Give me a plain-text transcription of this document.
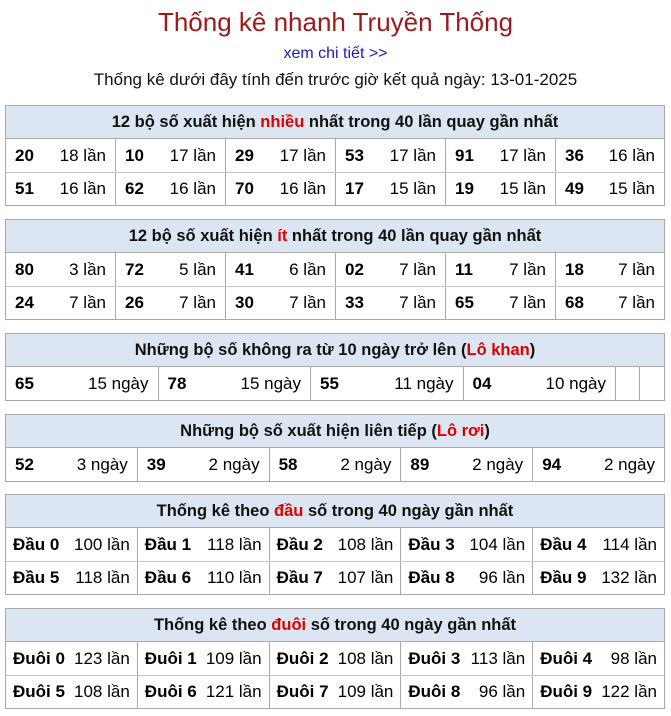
Thống kê nhanh Truyền Thống
xem chi tiết >>
Thống kê dưới đây tính đến trước giờ kết quả ngày: 13-01-2025
12 bộ số xuất hiện nhiều nhất trong 40 lần quay gần nhất
20 18 lần	10 17 lần	29 17 lần	53 17 lần	91 17 lần	36 16 lần
51 16 lần	62 16 lần	70 16 lần	17 15 lần	19 15 lần	49 15 lần
12 bộ số xuất hiện ít nhất trong 40 lần quay gần nhất
80 3 lần	72 5 lần	41 6 lần	02 7 lần	11 7 lần	18 7 lần
24 7 lần	26 7 lần	30 7 lần	33 7 lần	65 7 lần	68 7 lần
Những bộ số không ra từ 10 ngày trở lên (Lô khan)
65	15 ngày	78	15 ngày	55	11 ngày	04	10 ngày
Những bộ số xuất hiện liên tiếp (Lô rơi)
52	3 ngày	39	2 ngày	58	2 ngày	89	2 ngày	94	2 ngày
Thống kê theo đầu số trong 40 ngày gần nhất
Đầu 0 100 lần Đầu 1 118 lần Đầu 2 108 lần Đầu 3 104 lần Đầu 4 114 lần
Đầu 5 118 lần Đầu 6 110 lần Đầu 7 107 lần Đầu 8 96 lần Đầu 9 132 lần
Thống kê theo đuôi số trong 40 ngày gần nhất
Đuôi 0 123 lần Đuôi 1 109 lần Đuôi 2 108 lần Đuôi 3 113 lần Đuôi 4 98 lần
Đuôi 5 108 lần Đuôi 6 121 lần Đuôi 7 109 lần Đuôi 8 96 lần Đuôi 9 122 lần
